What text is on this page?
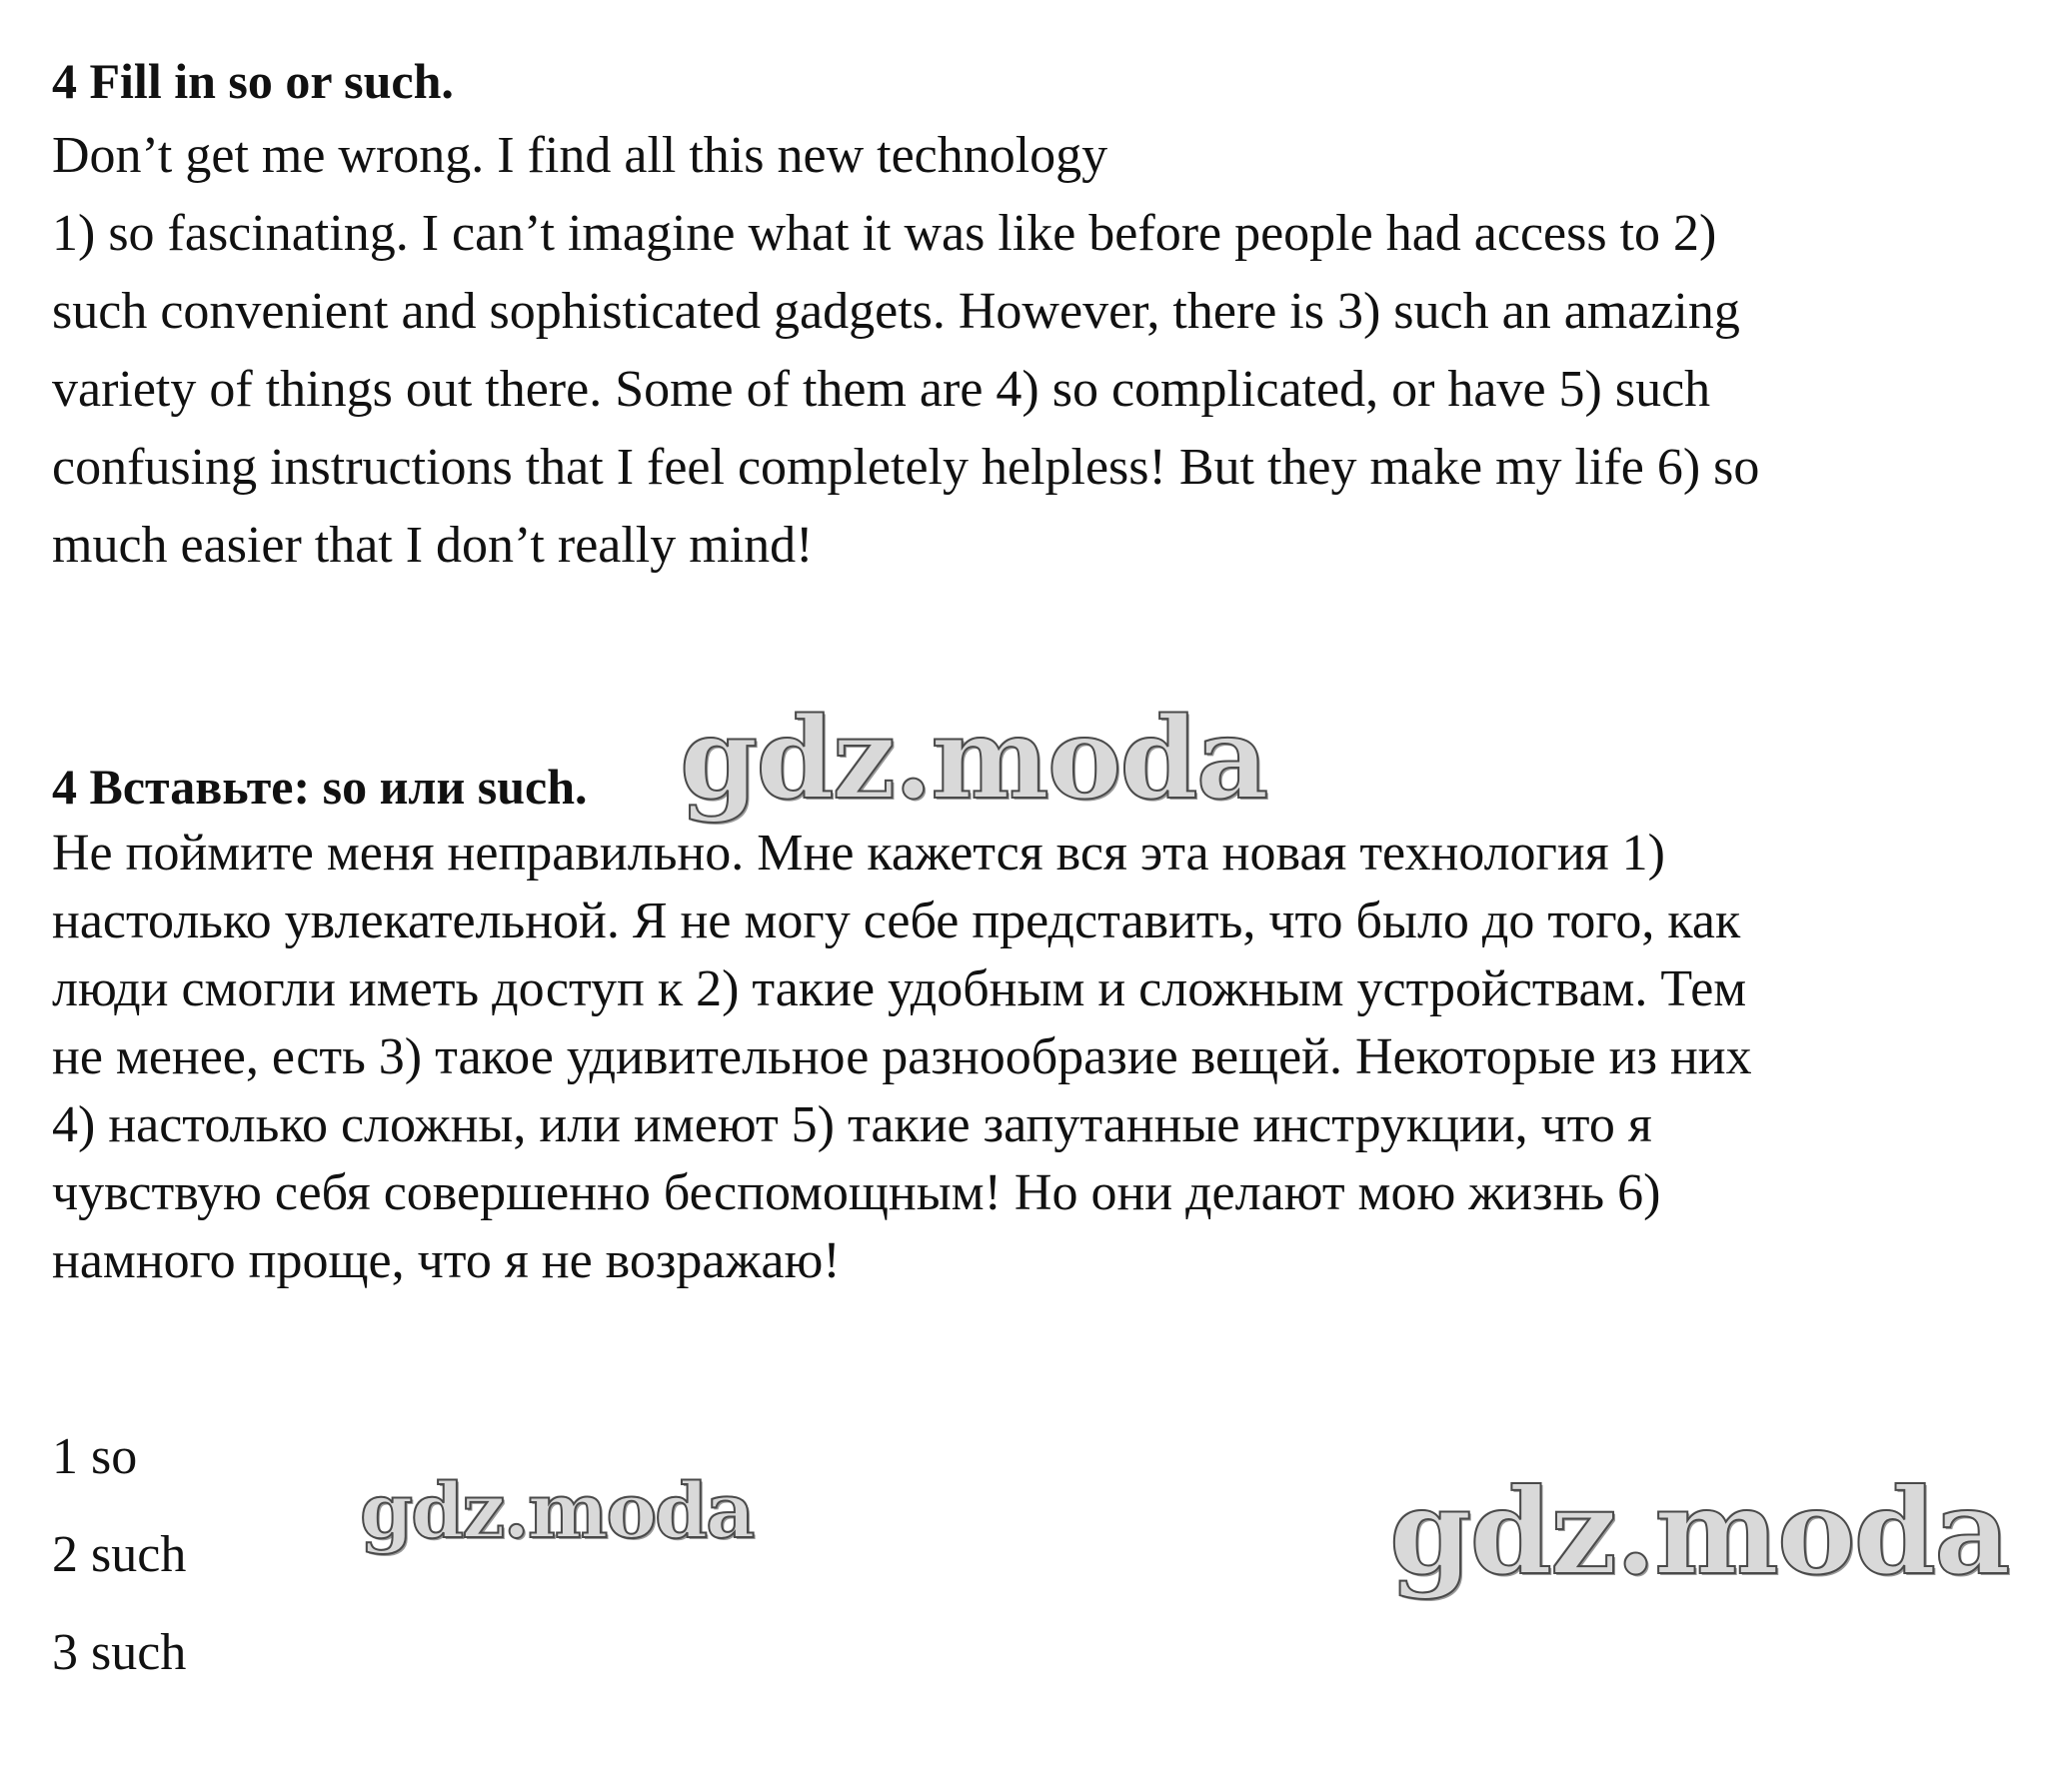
4 Fill in so or such.
Don’t get me wrong. I find all this new technology
1) so fascinating. I can’t imagine what it was like before people had access to 2)
such convenient and sophisticated gadgets. However, there is 3) such an amazing
variety of things out there. Some of them are 4) so complicated, or have 5) such
confusing instructions that I feel completely helpless! But they make my life 6) so
much easier that I don’t really mind!
4 Вставьте: so или such.
Не поймите меня неправильно. Мне кажется вся эта новая технология 1)
настолько увлекательной. Я не могу себе представить, что было до того, как
люди смогли иметь доступ к 2) такие удобным и сложным устройствам. Тем
не менее, есть 3) такое удивительное разнообразие вещей. Некоторые из них
4) настолько сложны, или имеют 5) такие запутанные инструкции, что я
чувствую себя совершенно беспомощным! Но они делают мою жизнь 6)
намного проще, что я не возражаю!
1 so
2 such
3 such
gdz.moda
gdz.moda	gdz.moda
